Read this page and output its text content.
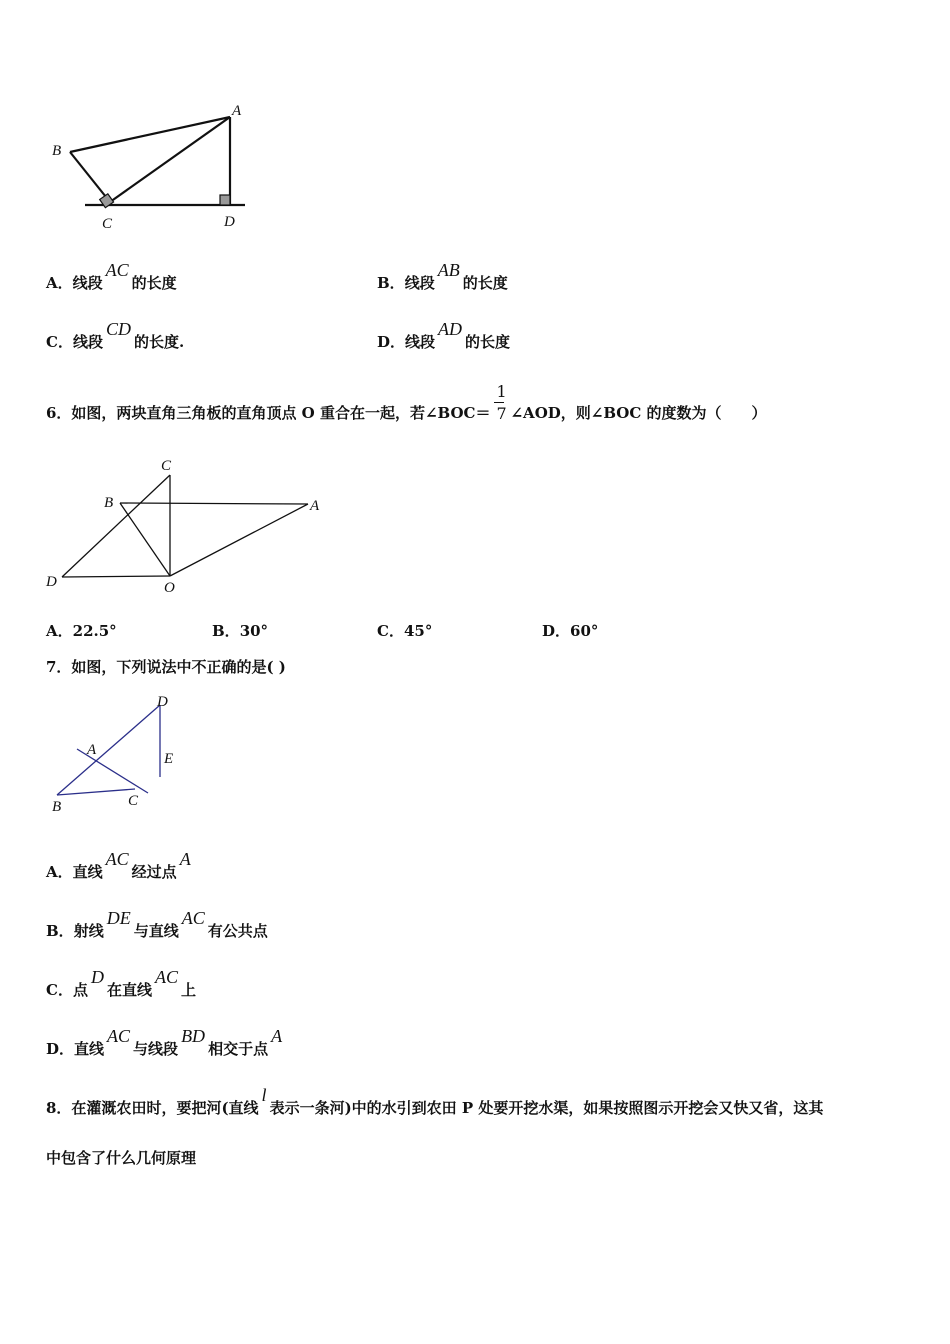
A
B
C	D
A．线段AC的长度	B．线段AB的长度
C．线段CD的长度.	D．线段AD的长度
6．如图，两块直角三角板的直角顶点 O 重合在一起，若∠BOC＝ $\frac{1}{7}$ ∠AOD，则∠BOC 的度数为（　　）
C
B	A
D	O
A．22.5°	B．30°	C．45°	D．60°
7．如图，下列说法中不正确的是( )
D
A
E
C
B
A．直线AC经过点A
B．射线DE与直线AC有公共点
C．点D在直线AC上
D．直线AC与线段BD相交于点A
8．在灌溉农田时，要把河(直线l表示一条河)中的水引到农田 P 处要开挖水渠，如果按照图示开挖会又快又省，这其
中包含了什么几何原理
